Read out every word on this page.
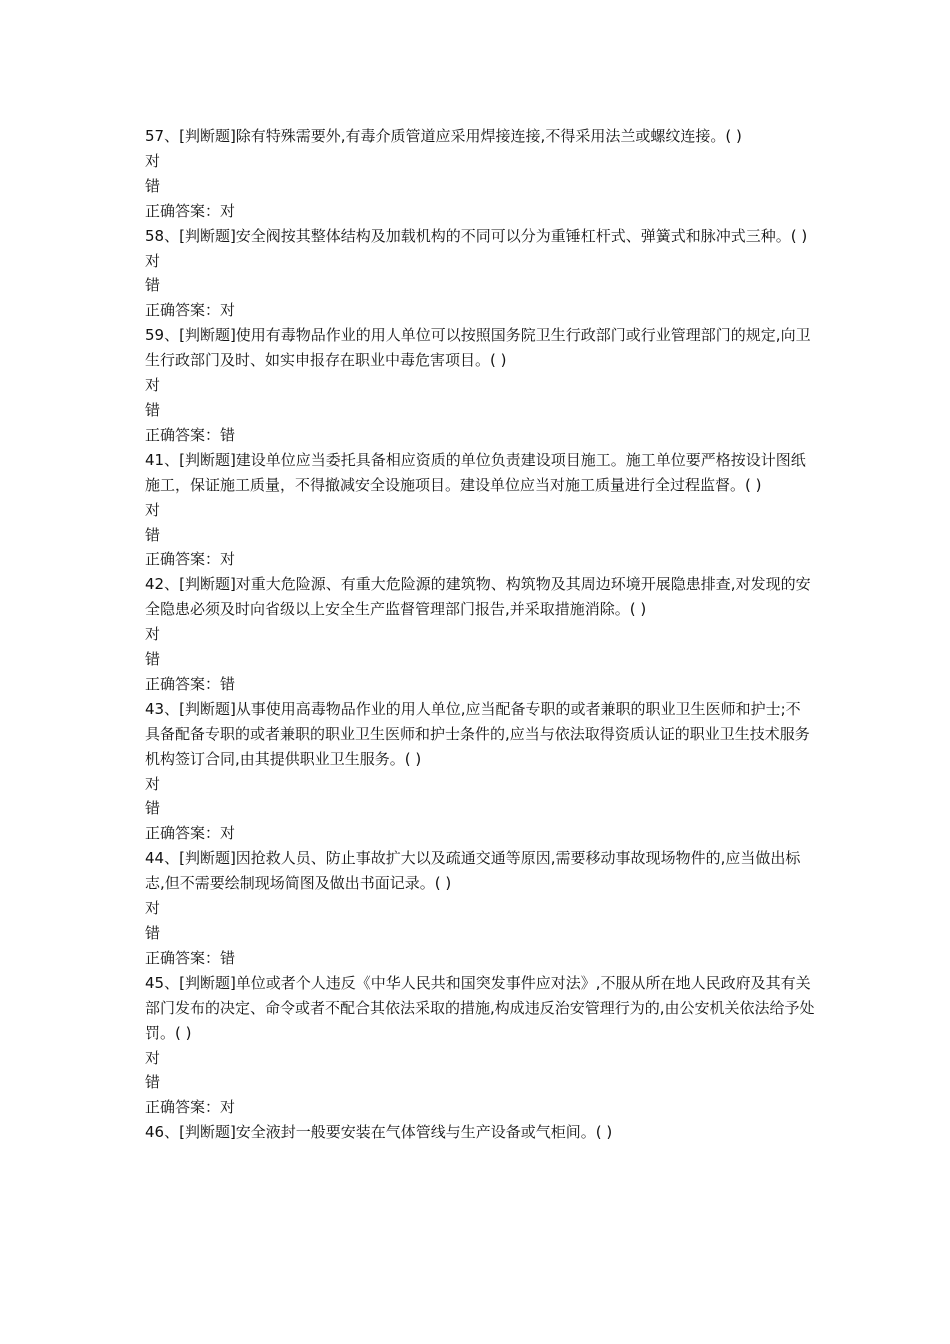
57、[判断题]除有特殊需要外,有毒介质管道应采用焊接连接,不得采用法兰或螺纹连接。( )

对

错

正确答案：对

58、[判断题]安全阀按其整体结构及加载机构的不同可以分为重锤杠杆式、弹簧式和脉冲式三种。( )

对

错

正确答案：对

59、[判断题]使用有毒物品作业的用人单位可以按照国务院卫生行政部门或行业管理部门的规定,向卫生行政部门及时、如实申报存在职业中毒危害项目。( )

对

错

正确答案：错

41、[判断题]建设单位应当委托具备相应资质的单位负责建设项目施工。施工单位要严格按设计图纸施工，保证施工质量，不得撤减安全设施项目。建设单位应当对施工质量进行全过程监督。( )

对

错

正确答案：对

42、[判断题]对重大危险源、有重大危险源的建筑物、构筑物及其周边环境开展隐患排查,对发现的安全隐患必须及时向省级以上安全生产监督管理部门报告,并采取措施消除。( )

对

错

正确答案：错

43、[判断题]从事使用高毒物品作业的用人单位,应当配备专职的或者兼职的职业卫生医师和护士;不具备配备专职的或者兼职的职业卫生医师和护士条件的,应当与依法取得资质认证的职业卫生技术服务机构签订合同,由其提供职业卫生服务。( )

对

错

正确答案：对

44、[判断题]因抢救人员、防止事故扩大以及疏通交通等原因,需要移动事故现场物件的,应当做出标志,但不需要绘制现场简图及做出书面记录。( )

对

错

正确答案：错

45、[判断题]单位或者个人违反《中华人民共和国突发事件应对法》,不服从所在地人民政府及其有关部门发布的决定、命令或者不配合其依法采取的措施,构成违反治安管理行为的,由公安机关依法给予处罚。( )

对

错

正确答案：对

46、[判断题]安全液封一般要安装在气体管线与生产设备或气柜间。( )
